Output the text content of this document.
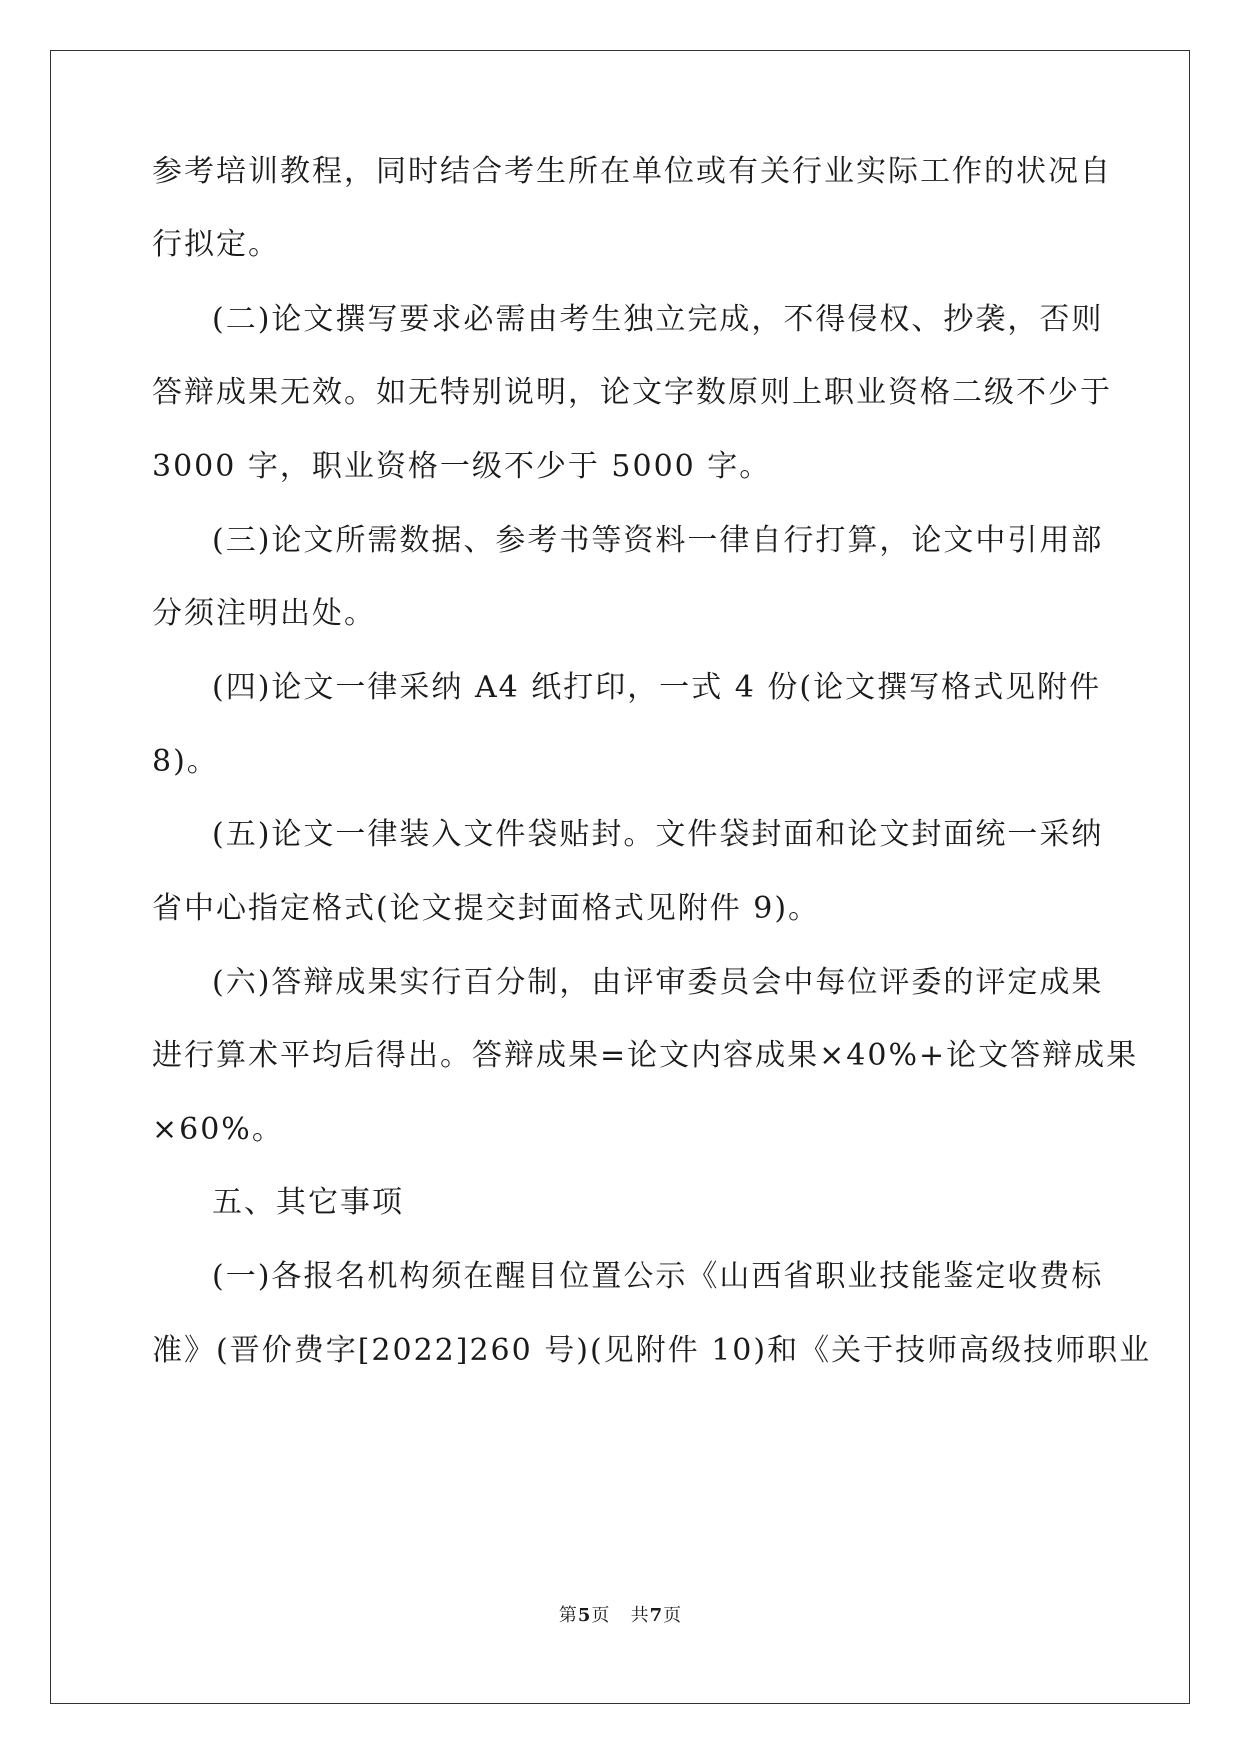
参考培训教程，同时结合考生所在单位或有关行业实际工作的状况自
行拟定。
(二)论文撰写要求必需由考生独立完成，不得侵权、抄袭，否则
答辩成果无效。如无特别说明，论文字数原则上职业资格二级不少于
3000 字，职业资格一级不少于 5000 字。
(三)论文所需数据、参考书等资料一律自行打算，论文中引用部
分须注明出处。
(四)论文一律采纳 A4 纸打印，一式 4 份(论文撰写格式见附件
8)。
(五)论文一律装入文件袋贴封。文件袋封面和论文封面统一采纳
省中心指定格式(论文提交封面格式见附件 9)。
(六)答辩成果实行百分制，由评审委员会中每位评委的评定成果
进行算术平均后得出。答辩成果=论文内容成果×40%+论文答辩成果
×60%。
五、其它事项
(一)各报名机构须在醒目位置公示《山西省职业技能鉴定收费标
准》(晋价费字[2022]260 号)(见附件 10)和《关于技师高级技师职业
第5页 共7页
